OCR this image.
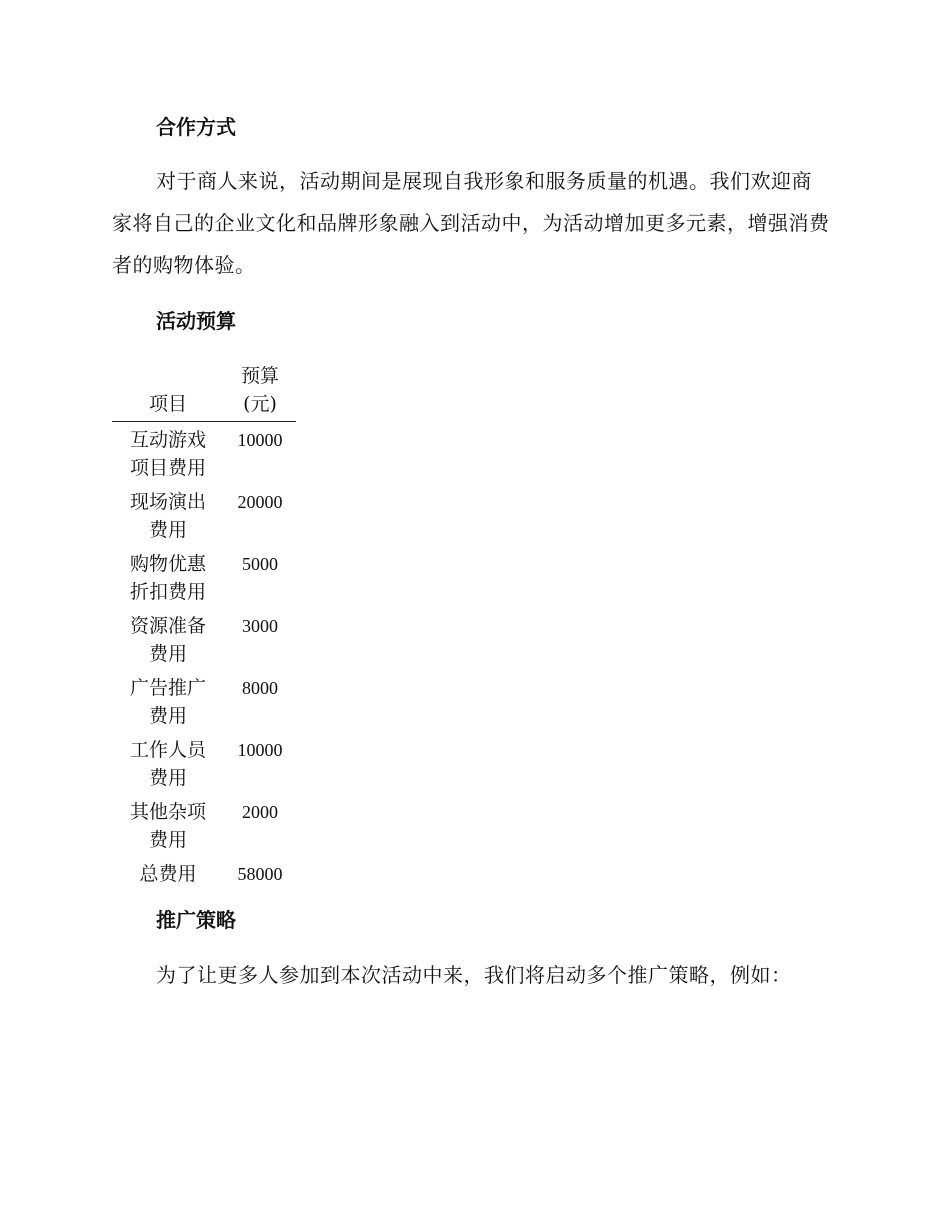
合作方式

对于商人来说，活动期间是展现自我形象和服务质量的机遇。我们欢迎商家将自己的企业文化和品牌形象融入到活动中，为活动增加更多元素，增强消费者的购物体验。

活动预算
项目	预算
(元)

互动游戏
项目费用	10000

现场演出
费用	20000

购物优惠
折扣费用	5000

资源准备
费用	3000

广告推广
费用	8000

工作人员
费用	10000

其他杂项
费用	2000

总费用	58000
推广策略

为了让更多人参加到本次活动中来，我们将启动多个推广策略，例如：
